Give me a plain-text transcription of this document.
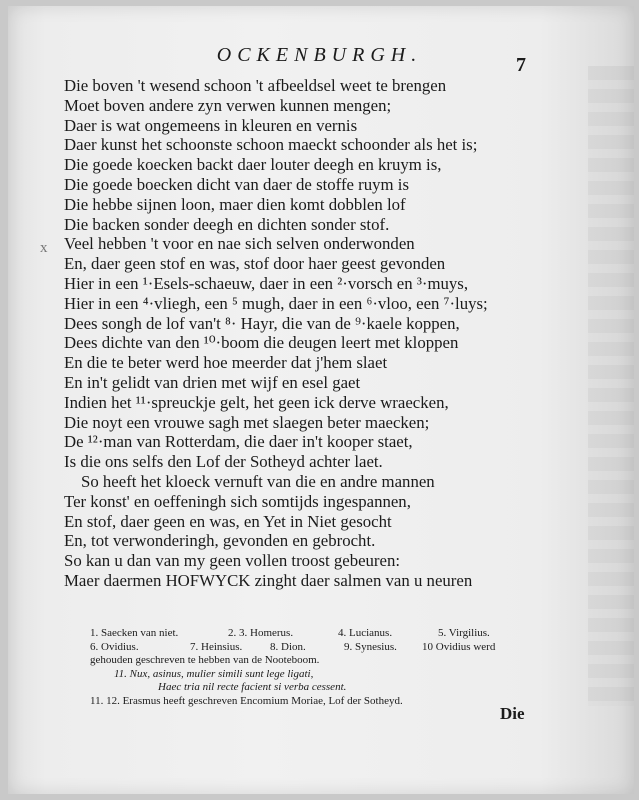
OCKENBURGH.	7
x
Die boven 't wesend schoon 't afbeeldsel weet te brengen
Moet boven andere zyn verwen kunnen mengen;
Daer is wat ongemeens in kleuren en vernis
Daer kunst het schoonste schoon maeckt schoonder als het is;
Die goede koecken backt daer louter deegh en kruym is,
Die goede boecken dicht van daer de stoffe ruym is
Die hebbe sijnen loon, maer dien komt dobblen lof
Die backen sonder deegh en dichten sonder stof.
Veel hebben 't voor en nae sich selven onderwonden
En, daer geen stof en was, stof door haer geest gevonden
Hier in een ¹·Esels-schaeuw, daer in een ²·vorsch en ³·muys,
Hier in een ⁴·vliegh, een ⁵ mugh, daer in een ⁶·vloo, een ⁷·luys;
Dees songh de lof van't ⁸· Hayr, die van de ⁹·kaele koppen,
Dees dichte van den ¹⁰·boom die deugen leert met kloppen
En die te beter werd hoe meerder dat j'hem slaet
En in't gelidt van drien met wijf en esel gaet
Indien het ¹¹·spreuckje gelt, het geen ick derve wraecken,
Die noyt een vrouwe sagh met slaegen beter maecken;
De ¹²·man van Rotterdam, die daer in't kooper staet,
Is die ons selfs den Lof der Sotheyd achter laet.
So heeft het kloeck vernuft van die en andre mannen
Ter konst' en oeffeningh sich somtijds ingespannen,
En stof, daer geen en was, en Yet in Niet gesocht
En, tot verwonderingh, gevonden en gebrocht.
So kan u dan van my geen vollen troost gebeuren:
Maer daermen HOFWYCK zinght daer salmen van u neuren
1. Saecken van niet.	2. 3. Homerus.	4. Lucianus.	5. Virgilius.
6. Ovidius.	7. Heinsius.	8. Dion.	9. Synesius.	10 Ovidius werd
gehouden geschreven te hebben van de Nooteboom.
11. Nux, asinus, mulier simili sunt lege ligati,
Haec tria nil recte facient si verba cessent.
11. 12. Erasmus heeft geschreven Encomium Moriae, Lof der Sotheyd.
Die
